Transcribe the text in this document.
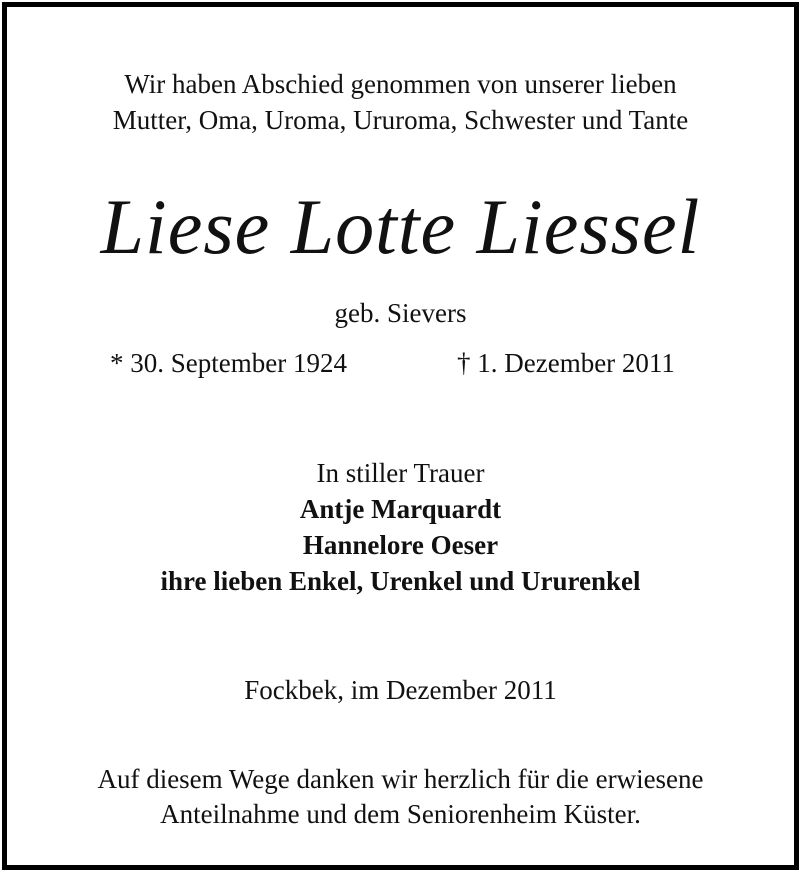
Wir haben Abschied genommen von unserer lieben
Mutter, Oma, Uroma, Ururoma, Schwester und Tante
Liese Lotte Liessel
geb. Sievers
* 30. September 1924	† 1. Dezember 2011
In stiller Trauer
Antje Marquardt
Hannelore Oeser
ihre lieben Enkel, Urenkel und Ururenkel
Fockbek, im Dezember 2011
Auf diesem Wege danken wir herzlich für die erwiesene
Anteilnahme und dem Seniorenheim Küster.
